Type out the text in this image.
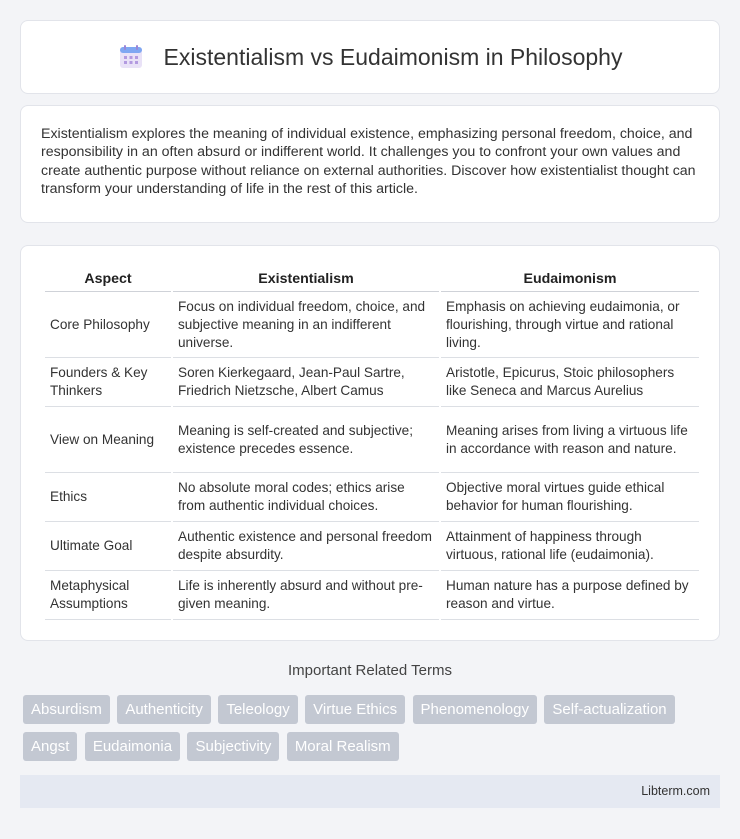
Existentialism vs Eudaimonism in Philosophy

Existentialism explores the meaning of individual existence, emphasizing personal freedom, choice, and responsibility in an often absurd or indifferent world. It challenges you to confront your own values and create authentic purpose without reliance on external authorities. Discover how existentialist thought can transform your understanding of life in the rest of this article.

Aspect	Existentialism	Eudaimonism
Core Philosophy	Focus on individual freedom, choice, and subjective meaning in an indifferent universe.	Emphasis on achieving eudaimonia, or flourishing, through virtue and rational living.
Founders & Key Thinkers	Soren Kierkegaard, Jean-Paul Sartre, Friedrich Nietzsche, Albert Camus	Aristotle, Epicurus, Stoic philosophers like Seneca and Marcus Aurelius
View on Meaning	Meaning is self-created and subjective; existence precedes essence.	Meaning arises from living a virtuous life in accordance with reason and nature.
Ethics	No absolute moral codes; ethics arise from authentic individual choices.	Objective moral virtues guide ethical behavior for human flourishing.
Ultimate Goal	Authentic existence and personal freedom despite absurdity.	Attainment of happiness through virtuous, rational life (eudaimonia).
Metaphysical Assumptions	Life is inherently absurd and without pre-given meaning.	Human nature has a purpose defined by reason and virtue.
Important Related Terms
Absurdism Authenticity Teleology Virtue Ethics Phenomenology Self-actualization Angst Eudaimonia Subjectivity Moral Realism
Libterm.com
